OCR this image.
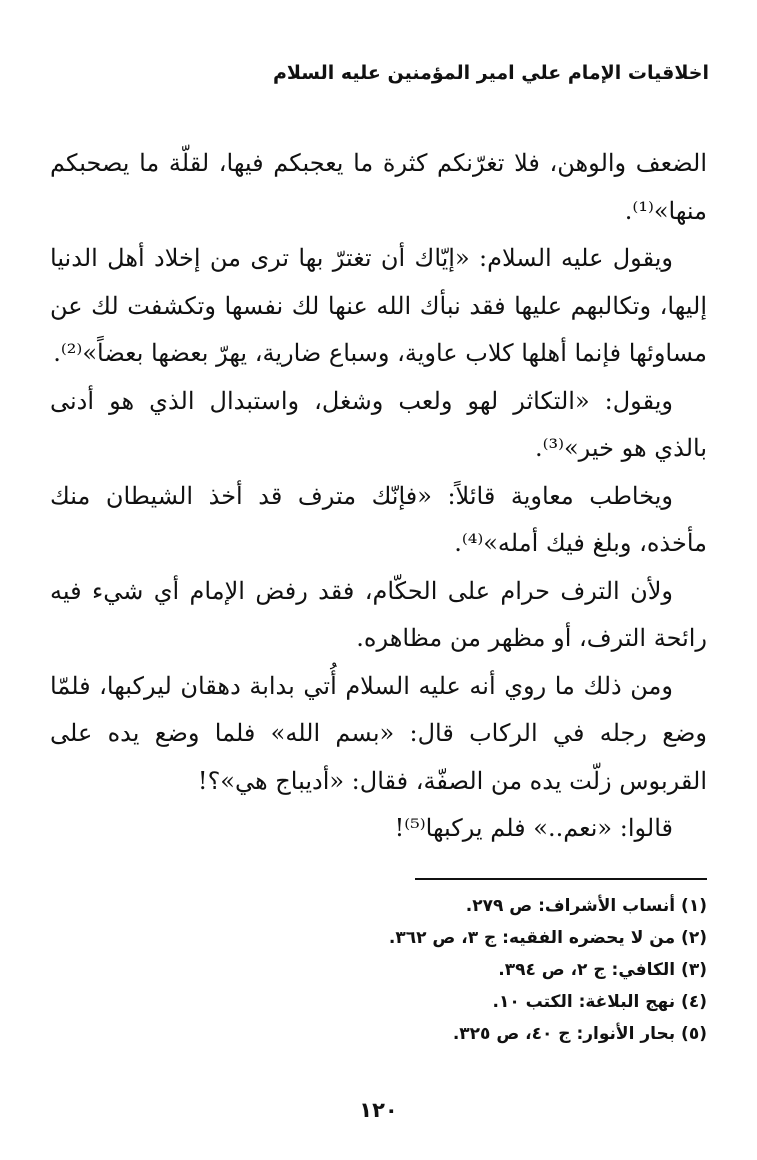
اخلاقيات الإمام علي امير المؤمنين عليه السلام

الضعف والوهن، فلا تغرّنكم كثرة ما يعجبكم فيها، لقلّة ما يصحبكم منها»⁽¹⁾.

ويقول عليه السلام: «إيّاك أن تغترّ بها ترى من إخلاد أهل الدنيا إليها، وتكالبهم عليها فقد نبأك الله عنها لك نفسها وتكشفت لك عن مساوئها فإنما أهلها كلاب عاوية، وسباع ضارية، يهرّ بعضها بعضاً»⁽²⁾.

ويقول: «التكاثر لهو ولعب وشغل، واستبدال الذي هو أدنى بالذي هو خير»⁽³⁾.

ويخاطب معاوية قائلاً: «فإنّك مترف قد أخذ الشيطان منك مأخذه، وبلغ فيك أمله»⁽⁴⁾.

ولأن الترف حرام على الحكّام، فقد رفض الإمام أي شيء فيه رائحة الترف، أو مظهر من مظاهره.

ومن ذلك ما روي أنه عليه السلام أُتي بدابة دهقان ليركبها، فلمّا وضع رجله في الركاب قال: «بسم الله» فلما وضع يده على القربوس زلّت يده من الصفّة، فقال: «أديباج هي»؟!

قالوا: «نعم..» فلم يركبها⁽⁵⁾!

(١) أنساب الأشراف: ص ٢٧٩.
(٢) من لا يحضره الفقيه: ج ٣، ص ٣٦٢.
(٣) الكافي: ج ٢، ص ٣٩٤.
(٤) نهج البلاغة: الكتب ١٠.
(٥) بحار الأنوار: ج ٤٠، ص ٣٢٥.
١٢٠
